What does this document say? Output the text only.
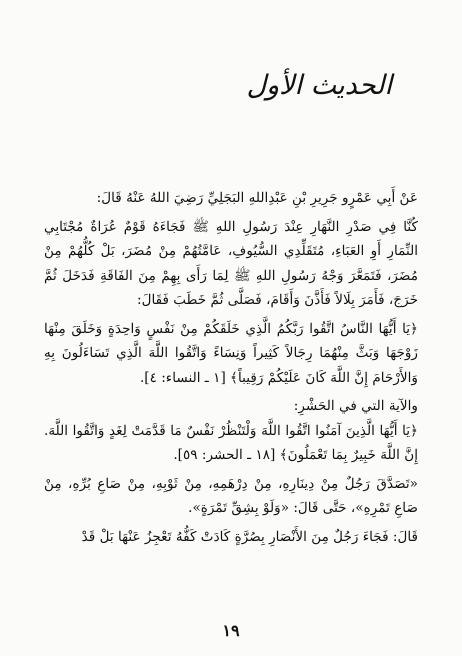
الحديث الأول

عَنْ أَبِي عَمْرٍو جَرِيرِ بْنِ عَبْدِاللهِ البَجَلِيِّ رَضِيَ اللهُ عَنْهُ قَالَ:

كُنَّا فِي صَدْرِ النَّهَارِ عِنْدَ رَسُولِ اللهِ ﷺ فَجَاءَهُ قَوْمٌ عُرَاةٌ مُجْتَابِي النِّمَارِ أَوِ العَبَاءِ، مُتَقَلِّدِي السُّيُوفِ، عَامَّتُهُمْ مِنْ مُضَرَ، بَلْ كُلُّهُمْ مِنْ مُضَرَ، فَتَمَعَّرَ وَجْهُ رَسُولِ اللهِ ﷺ لِمَا رَأَى بِهِمْ مِنَ الفَاقَةِ فَدَخَلَ ثُمَّ خَرَجَ، فَأَمَرَ بِلَالاً فَأَذَّنَ وَأَقَامَ، فَصَلَّى ثُمَّ خَطَبَ فَقَالَ:

﴿يَا أَيُّهَا النَّاسُ اتَّقُوا رَبَّكُمُ الَّذِي خَلَقَكُمْ مِنْ نَفْسٍ وَاحِدَةٍ وَخَلَقَ مِنْهَا زَوْجَهَا وَبَثَّ مِنْهُمَا رِجَالاً كَثِيراً وَنِسَاءً وَاتَّقُوا اللَّهَ الَّذِي تَسَاءَلُونَ بِهِ وَالأَرْحَامَ إِنَّ اللَّهَ كَانَ عَلَيْكُمْ رَقِيباً﴾ [١ ـ النساء: ٤].

والآية التي في الحَشْرِ:

﴿يَا أَيُّهَا الَّذِينَ آمَنُوا اتَّقُوا اللَّهَ وَلْتَنْظُرْ نَفْسٌ مَا قَدَّمَتْ لِغَدٍ وَاتَّقُوا اللَّهَ. إِنَّ اللَّهَ خَبِيرٌ بِمَا تَعْمَلُونَ﴾ [١٨ ـ الحشر: ٥٩].

«تَصَدَّقَ رَجُلٌ مِنْ دِينَارِهِ، مِنْ دِرْهَمِهِ، مِنْ ثَوْبِهِ، مِنْ صَاعِ بُرِّهِ، مِنْ صَاعِ تَمْرِهِ»، حَتَّى قَالَ: «وَلَوْ بِشِقِّ تَمْرَةٍ».

قَالَ: فَجَاءَ رَجُلٌ مِنَ الأَنْصَارِ بِصُرَّةٍ كَادَتْ كَفُّهُ تَعْجِزُ عَنْهَا بَلْ قَدْ

١٩
